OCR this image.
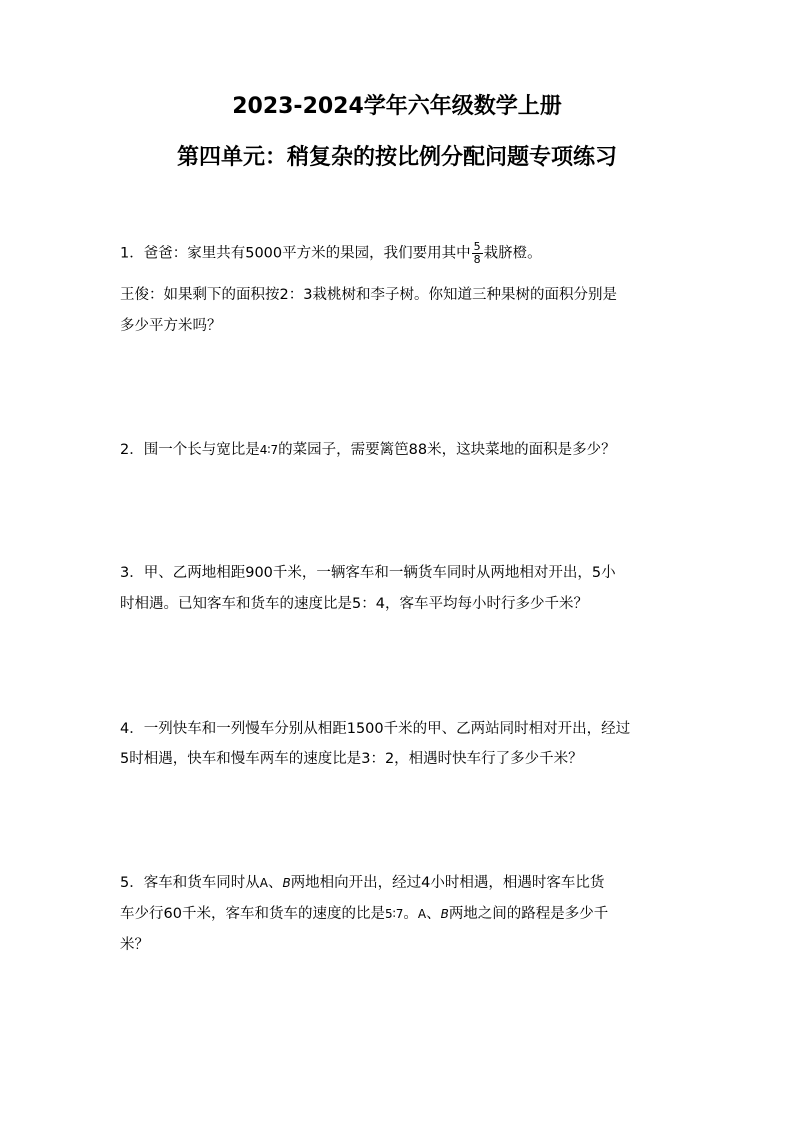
2023-2024学年六年级数学上册
第四单元：稍复杂的按比例分配问题专项练习
1．爸爸：家里共有5000平方米的果园，我们要用其中 $\frac{5}{8}$ 栽脐橙。
王俊：如果剩下的面积按2：3栽桃树和李子树。你知道三种果树的面积分别是
多少平方米吗？
2．围一个长与宽比是4∶7的菜园子，需要篱笆88米，这块菜地的面积是多少？
3．甲、乙两地相距900千米，一辆客车和一辆货车同时从两地相对开出，5小
时相遇。已知客车和货车的速度比是5：4，客车平均每小时行多少千米？
4．一列快车和一列慢车分别从相距1500千米的甲、乙两站同时相对开出，经过
5时相遇，快车和慢车两车的速度比是3：2，相遇时快车行了多少千米？
5．客车和货车同时从A、B两地相向开出，经过4小时相遇，相遇时客车比货
车少行60千米，客车和货车的速度的比是5∶7。A、B两地之间的路程是多少千
米？
